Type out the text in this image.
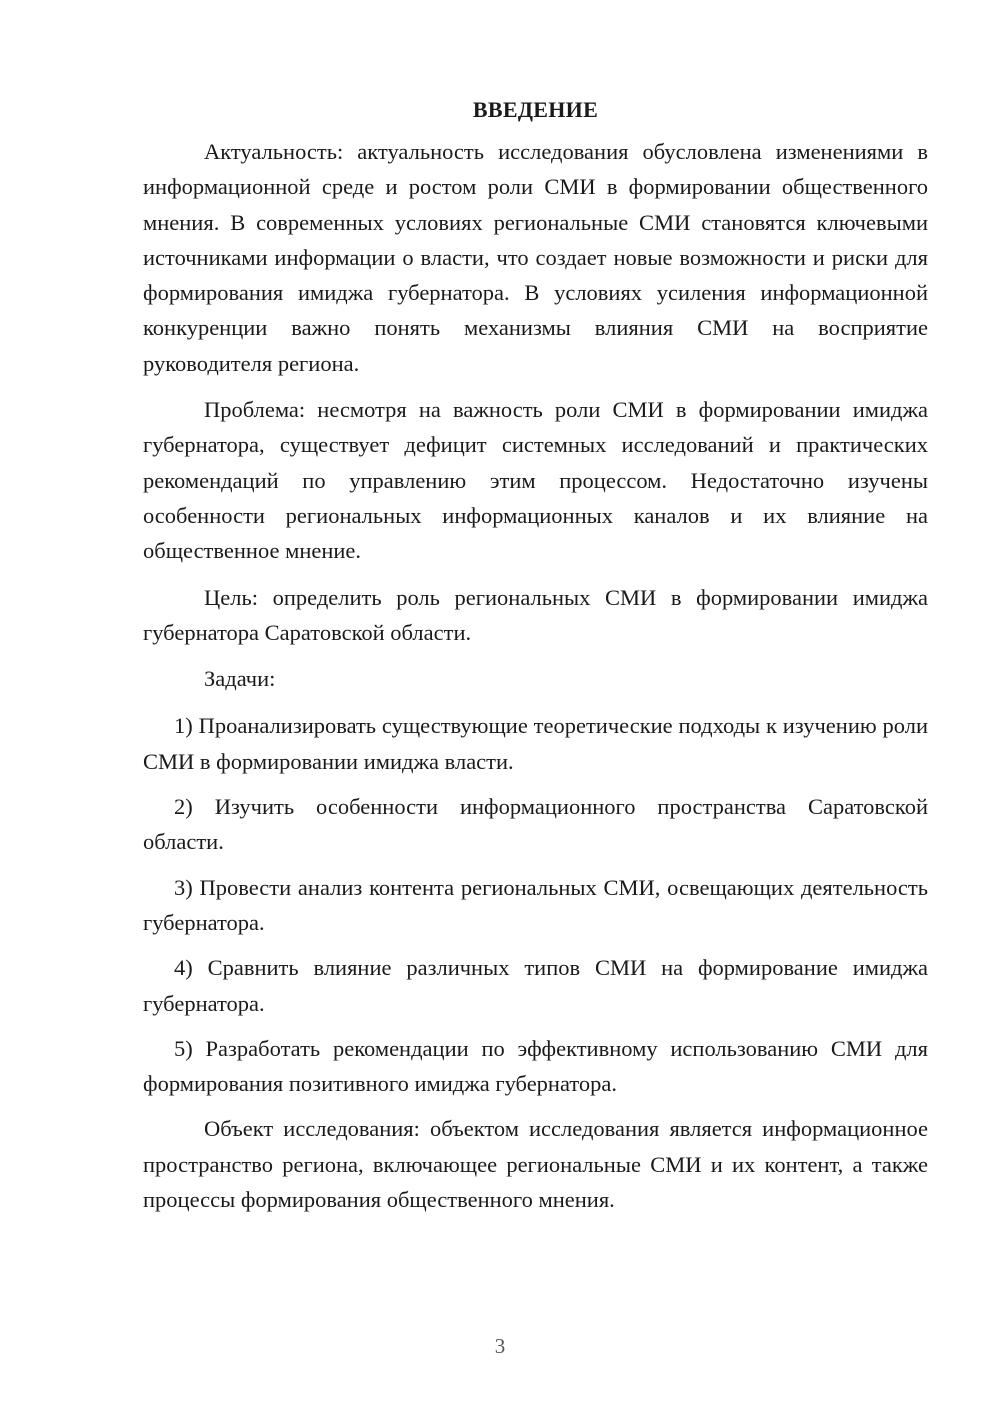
ВВЕДЕНИЕ

Актуальность: актуальность исследования обусловлена изменениями в информационной среде и ростом роли СМИ в формировании общественного мнения. В современных условиях региональные СМИ становятся ключевыми источниками информации о власти, что создает новые возможности и риски для формирования имиджа губернатора. В условиях усиления информационной конкуренции важно понять механизмы влияния СМИ на восприятие руководителя региона.

Проблема: несмотря на важность роли СМИ в формировании имиджа губернатора, существует дефицит системных исследований и практических рекомендаций по управлению этим процессом. Недостаточно изучены особенности региональных информационных каналов и их влияние на общественное мнение.

Цель: определить роль региональных СМИ в формировании имиджа губернатора Саратовской области.

Задачи:

1) Проанализировать существующие теоретические подходы к изучению роли СМИ в формировании имиджа власти.

2) Изучить особенности информационного пространства Саратовской области.

3) Провести анализ контента региональных СМИ, освещающих деятельность губернатора.

4) Сравнить влияние различных типов СМИ на формирование имиджа губернатора.

5) Разработать рекомендации по эффективному использованию СМИ для формирования позитивного имиджа губернатора.

Объект исследования: объектом исследования является информационное пространство региона, включающее региональные СМИ и их контент, а также процессы формирования общественного мнения.

3
